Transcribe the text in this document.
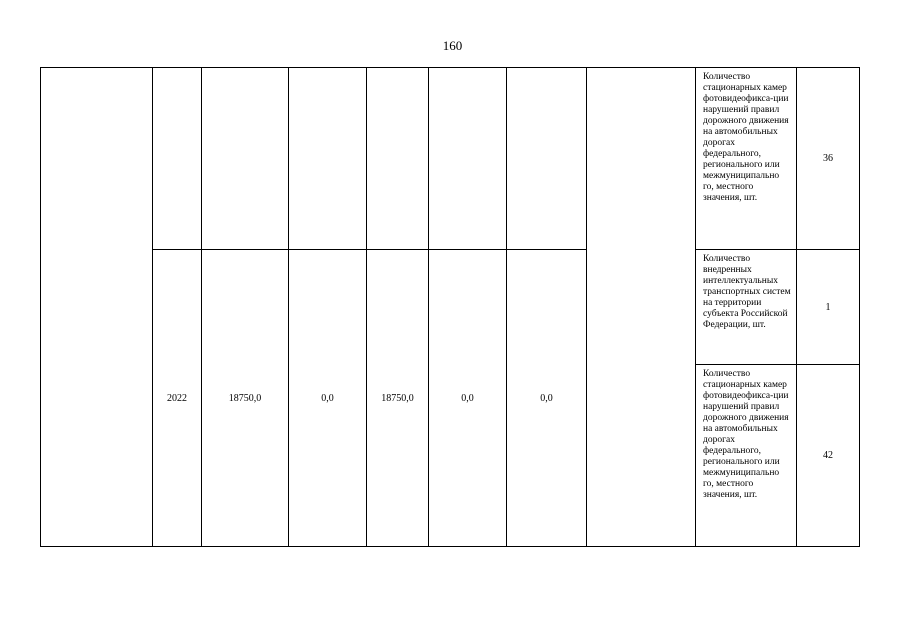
160
								Количество стационарных камер фотовидеофикса-ции нарушений правил дорожного движения на автомобильных дорогах федерального, регионального или межмуниципально го, местного значения, шт.	36
	2022	18750,0	0,0	18750,0	0,0	0,0		Количество внедренных интеллектуальных транспортных систем на территории субъекта Российской Федерации, шт.	1
								Количество стационарных камер фотовидеофикса-ции нарушений правил дорожного движения на автомобильных дорогах федерального, регионального или межмуниципально го, местного значения, шт.	42
